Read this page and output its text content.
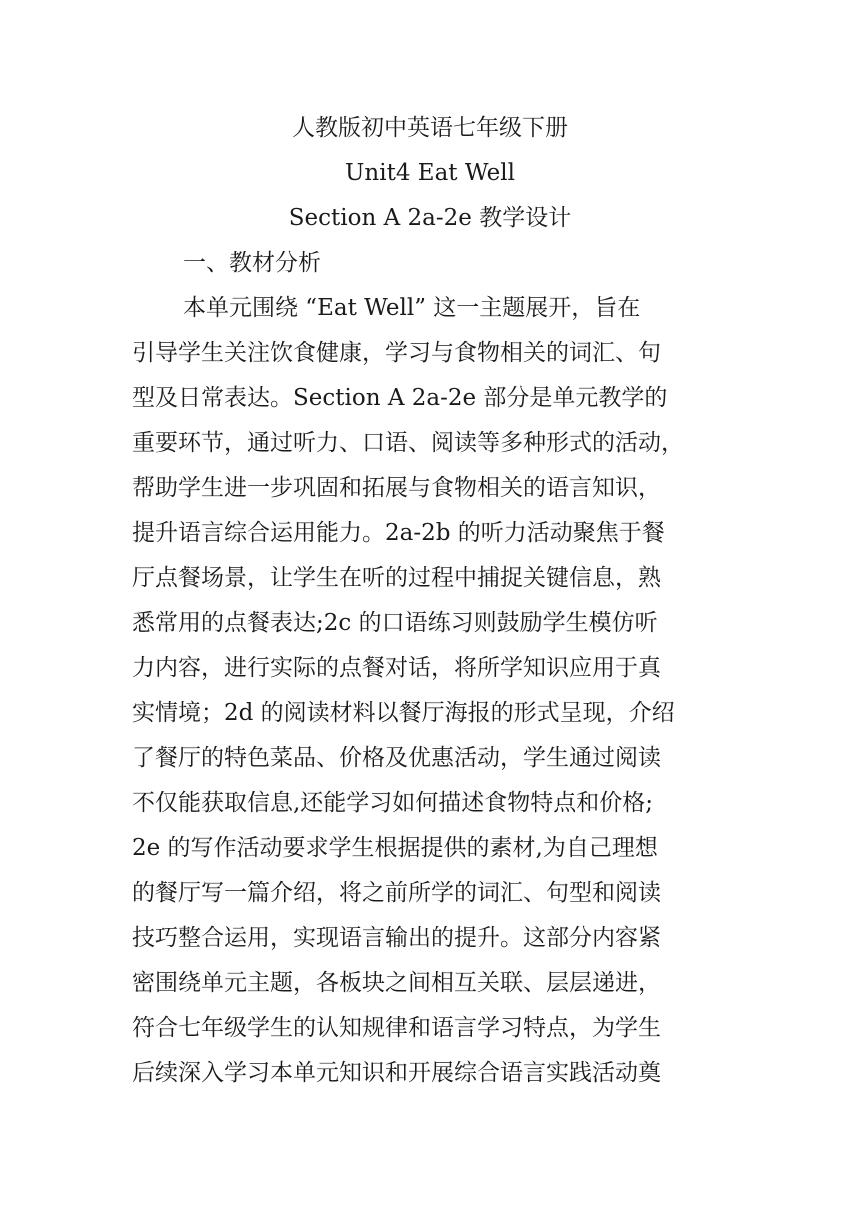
人教版初中英语七年级下册
Unit4 Eat Well
Section A 2a-2e 教学设计
一、教材分析
本单元围绕 “Eat Well” 这一主题展开，旨在
引导学生关注饮食健康，学习与食物相关的词汇、句
型及日常表达。Section A 2a-2e 部分是单元教学的
重要环节，通过听力、口语、阅读等多种形式的活动，
帮助学生进一步巩固和拓展与食物相关的语言知识，
提升语言综合运用能力。2a-2b 的听力活动聚焦于餐
厅点餐场景，让学生在听的过程中捕捉关键信息，熟
悉常用的点餐表达;2c 的口语练习则鼓励学生模仿听
力内容，进行实际的点餐对话，将所学知识应用于真
实情境；2d 的阅读材料以餐厅海报的形式呈现，介绍
了餐厅的特色菜品、价格及优惠活动，学生通过阅读
不仅能获取信息,还能学习如何描述食物特点和价格;
2e 的写作活动要求学生根据提供的素材,为自己理想
的餐厅写一篇介绍，将之前所学的词汇、句型和阅读
技巧整合运用，实现语言输出的提升。这部分内容紧
密围绕单元主题，各板块之间相互关联、层层递进，
符合七年级学生的认知规律和语言学习特点，为学生
后续深入学习本单元知识和开展综合语言实践活动奠
